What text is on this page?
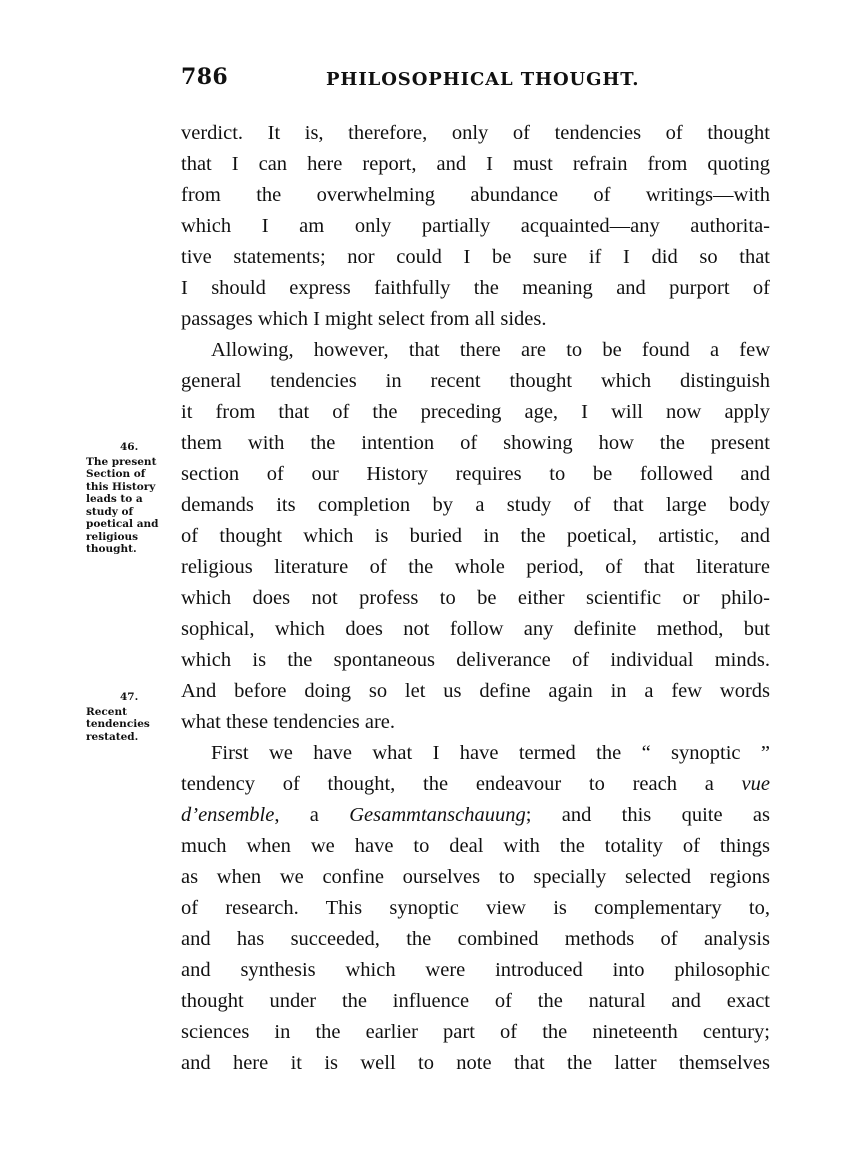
786	PHILOSOPHICAL THOUGHT.
verdict. It is, therefore, only of tendencies of thought
that I can here report, and I must refrain from quoting
from the overwhelming abundance of writings—with
which I am only partially acquainted—any authorita-
tive statements; nor could I be sure if I did so that
I should express faithfully the meaning and purport of
passages which I might select from all sides.
Allowing, however, that there are to be found a few
general tendencies in recent thought which distinguish
it from that of the preceding age, I will now apply
them with the intention of showing how the present
section of our History requires to be followed and
demands its completion by a study of that large body
of thought which is buried in the poetical, artistic, and
religious literature of the whole period, of that literature
which does not profess to be either scientific or philo-
sophical, which does not follow any definite method, but
which is the spontaneous deliverance of individual minds.
And before doing so let us define again in a few words
what these tendencies are.
First we have what I have termed the “ synoptic ”
tendency of thought, the endeavour to reach a vue
d’ensemble, a Gesammtanschauung; and this quite as
much when we have to deal with the totality of things
as when we confine ourselves to specially selected regions
of research. This synoptic view is complementary to,
and has succeeded, the combined methods of analysis
and synthesis which were introduced into philosophic
thought under the influence of the natural and exact
sciences in the earlier part of the nineteenth century;
and here it is well to note that the latter themselves
46.
The present
Section of
this History
leads to a
study of
poetical and
religious
thought.
47.
Recent
tendencies
restated.
